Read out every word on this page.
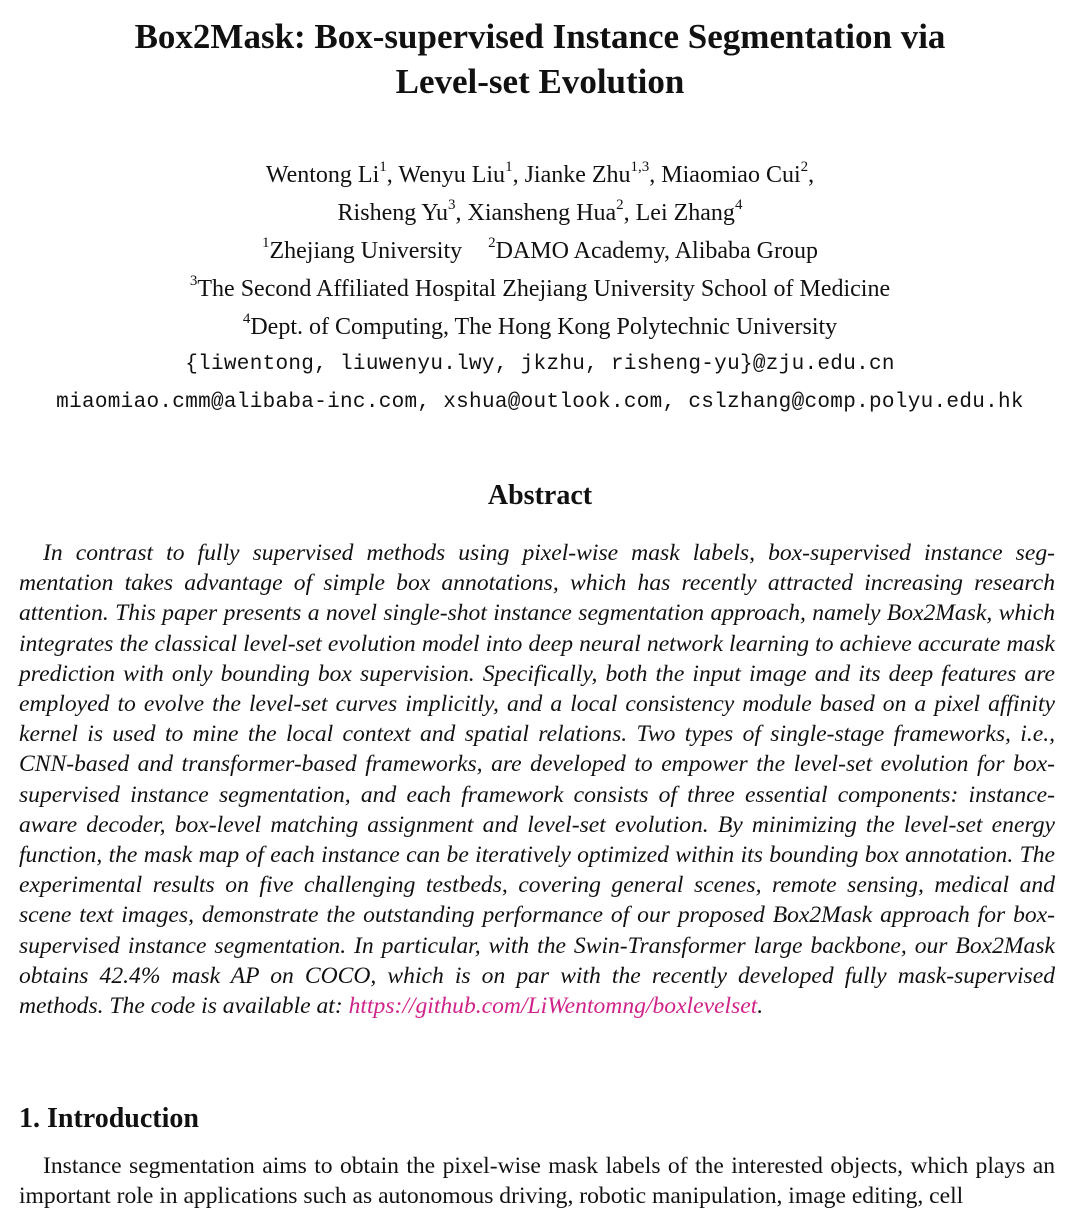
Box2Mask: Box-supervised Instance Segmentation via
Level-set Evolution
Wentong Li$^1$, Wenyu Liu$^1$, Jianke Zhu$^{1,3}$, Miaomiao Cui$^2$,
Risheng Yu$^3$, Xiansheng Hua$^2$, Lei Zhang$^4$
$^1$Zhejiang University $^2$DAMO Academy, Alibaba Group
$^3$The Second Affiliated Hospital Zhejiang University School of Medicine
$^4$Dept. of Computing, The Hong Kong Polytechnic University
{liwentong, liuwenyu.lwy, jkzhu, risheng-yu}@zju.edu.cn
miaomiao.cmm@alibaba-inc.com, xshua@outlook.com, cslzhang@comp.polyu.edu.hk
Abstract

In contrast to fully supervised methods using pixel-wise mask labels, box-supervised instance segmentation takes advantage of simple box annotations, which has recently attracted increasing research attention. This paper presents a novel single-shot instance segmentation approach, namely Box2Mask, which integrates the classical level-set evolution model into deep neural network learning to achieve accurate mask prediction with only bounding box supervision. Specifically, both the input image and its deep features are employed to evolve the level-set curves implicitly, and a local consistency module based on a pixel affinity kernel is used to mine the local context and spatial relations. Two types of single-stage frameworks, i.e., CNN-based and transformer-based frameworks, are developed to empower the level-set evolution for box-supervised instance segmentation, and each framework consists of three essential components: instance-aware decoder, box-level matching assignment and level-set evolution. By minimizing the level-set energy function, the mask map of each instance can be iteratively optimized within its bounding box annotation. The experimental results on five challenging testbeds, covering general scenes, remote sensing, medical and scene text images, demonstrate the outstanding performance of our proposed Box2Mask approach for box-supervised instance segmentation. In particular, with the Swin-Transformer large backbone, our Box2Mask obtains 42.4% mask AP on COCO, which is on par with the recently developed fully mask-supervised methods. The code is available at: https://github.com/LiWentomng/boxlevelset.

1. Introduction

Instance segmentation aims to obtain the pixel-wise mask labels of the interested objects, which plays an important role in applications such as autonomous driving, robotic manipulation, image editing, cell
